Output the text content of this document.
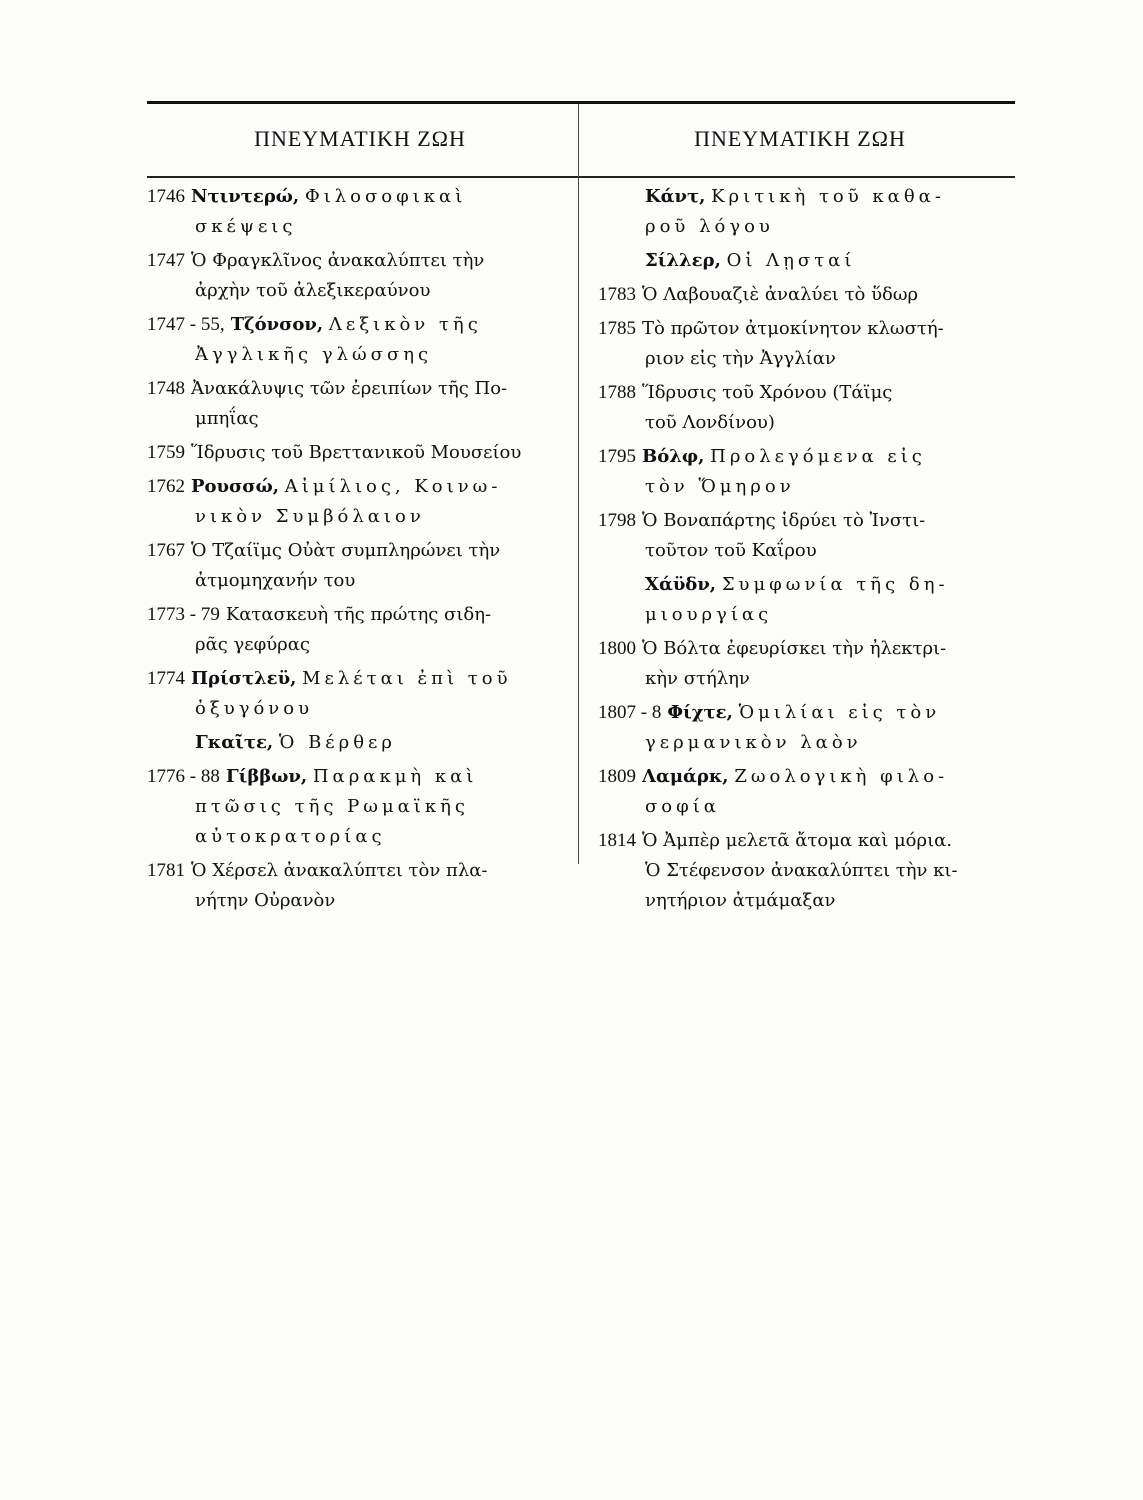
ΠΝΕΥΜΑΤΙΚΗ ΖΩΗ	ΠΝΕΥΜΑΤΙΚΗ ΖΩΗ
1746 Ντιντερώ, Φιλοσοφικαὶ
σκέψεις
1747 Ὁ Φραγκλῖνος ἀνακαλύπτει τὴν
ἀρχὴν τοῦ ἀλεξικεραύνου
1747 - 55, Τζόνσον, Λεξικὸν τῆς
Ἀγγλικῆς γλώσσης
1748 Ἀνακάλυψις τῶν ἐρειπίων τῆς Πο-
μπηΐας
1759 Ἵδρυσις τοῦ Βρεττανικοῦ Μουσείου
1762 Ρουσσώ, Αἰμίλιος, Κοινω-
νικὸν Συμβόλαιον
1767 Ὁ Τζαίϊμς Οὐὰτ συμπληρώνει τὴν
ἀτμομηχανήν του
1773 - 79 Κατασκευὴ τῆς πρώτης σιδη-
ρᾶς γεφύρας
1774 Πρίστλεϋ, Μελέται ἐπὶ τοῦ
ὀξυγόνου
Γκαῖτε, Ὁ Βέρθερ
1776 - 88 Γίββων, Παρακμὴ καὶ
πτῶσις τῆς Ρωμαϊκῆς
αὐτοκρατορίας
1781 Ὁ Χέρσελ ἀνακαλύπτει τὸν πλα-
νήτην Οὐρανὸν
Κάντ, Κριτικὴ τοῦ καθα-
ροῦ λόγου
Σίλλερ, Οἱ Λῃσταί
1783 Ὁ Λαβουαζιὲ ἀναλύει τὸ ὕδωρ
1785 Τὸ πρῶτον ἀτμοκίνητον κλωστή-
ριον εἰς τὴν Ἀγγλίαν
1788 Ἵδρυσις τοῦ Χρόνου (Τάϊμς
τοῦ Λονδίνου)
1795 Βόλφ, Προλεγόμενα εἰς
τὸν Ὅμηρον
1798 Ὁ Βοναπάρτης ἱδρύει τὸ Ἰνστι-
τοῦτον τοῦ Καΐρου
Χάϋδν, Συμφωνία τῆς δη-
μιουργίας
1800 Ὁ Βόλτα ἐφευρίσκει τὴν ἠλεκτρι-
κὴν στήλην
1807 - 8 Φίχτε, Ὁμιλίαι εἰς τὸν
γερμανικὸν λαὸν
1809 Λαμάρκ, Ζωολογικὴ φιλο-
σοφία
1814 Ὁ Ἀμπὲρ μελετᾶ ἄτομα καὶ μόρια.
Ὁ Στέφενσον ἀνακαλύπτει τὴν κι-
νητήριον ἀτμάμαξαν
